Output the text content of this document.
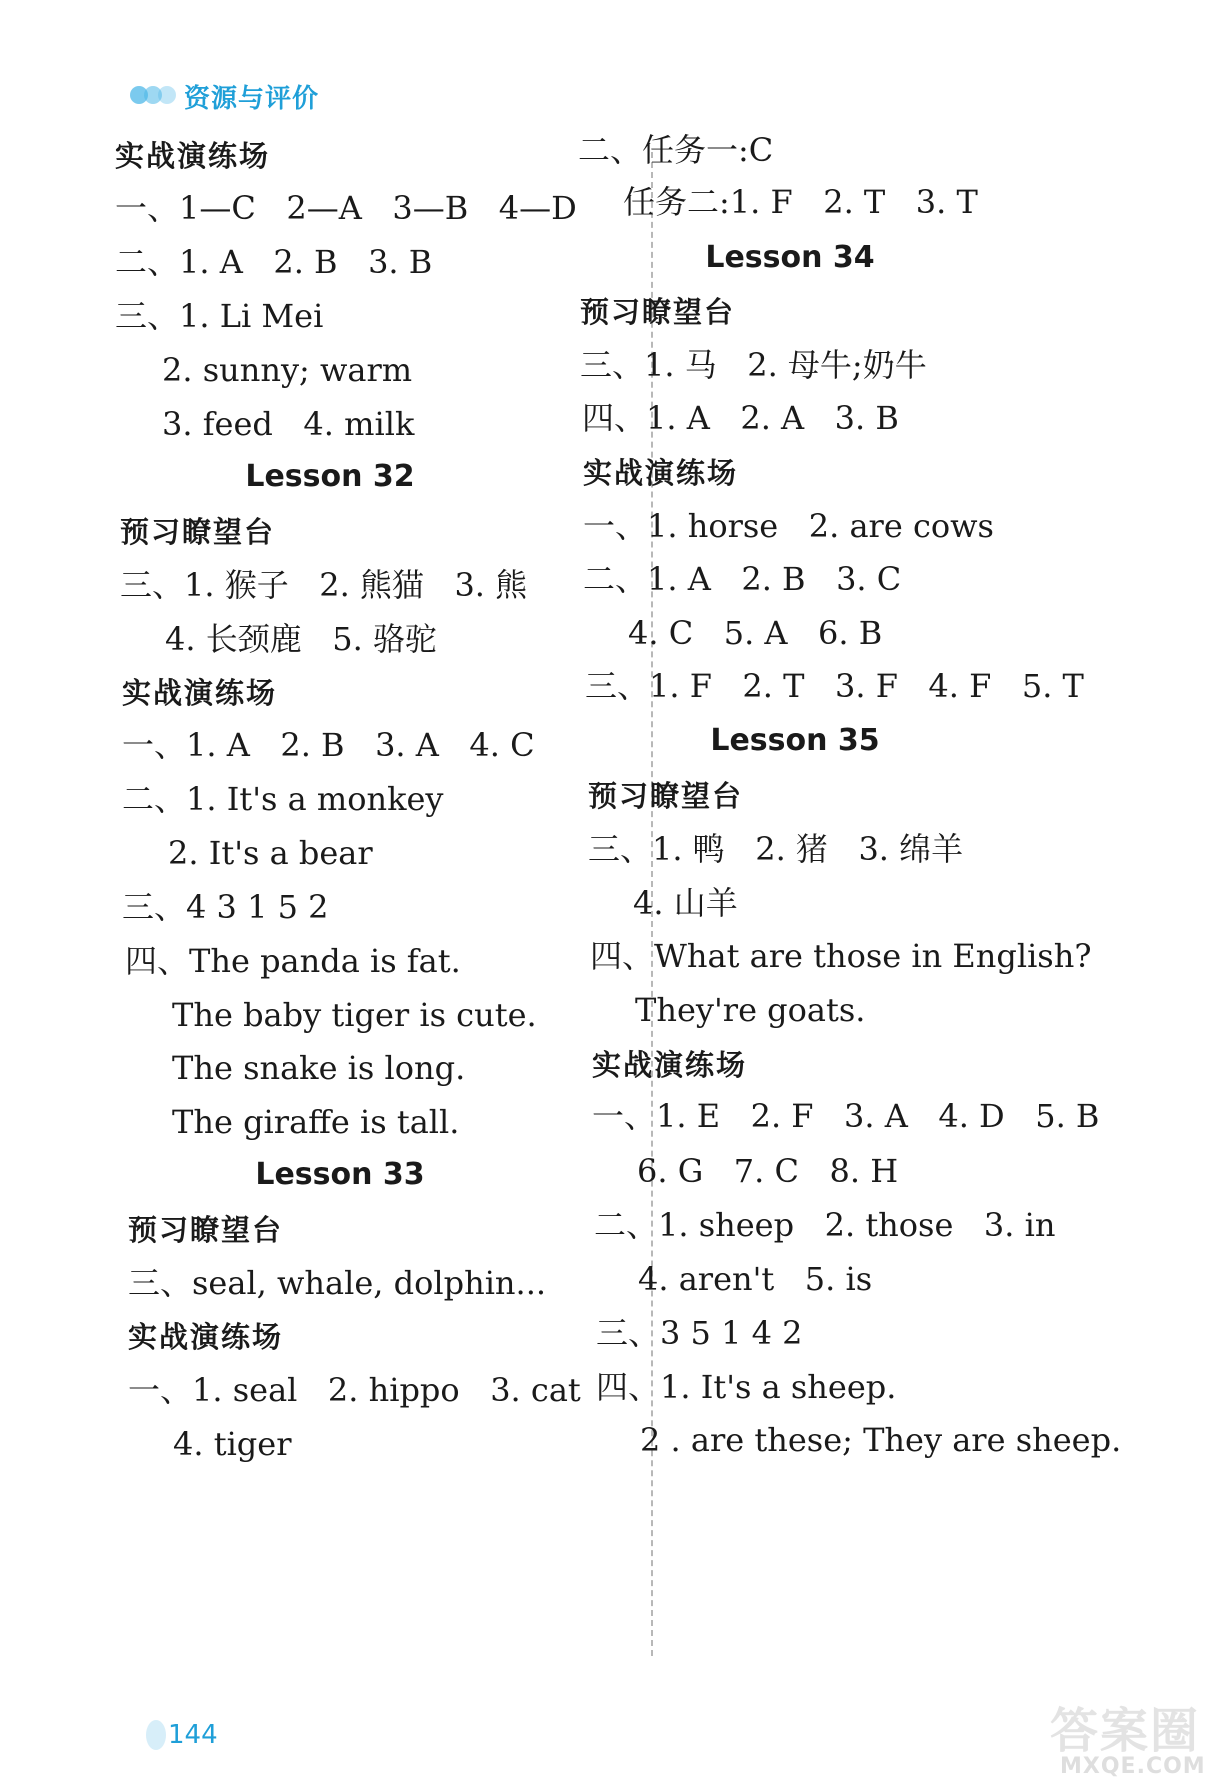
资源与评价
实战演练场
一、1—C   2—A   3—B   4—D
二、1. A   2. B   3. B
三、1. Li Mei
2. sunny; warm
3. feed   4. milk
Lesson 32
预习瞭望台
三、1. 猴子   2. 熊猫   3. 熊
4. 长颈鹿   5. 骆驼
实战演练场
一、1. A   2. B   3. A   4. C
二、1. It's a monkey
2. It's a bear
三、4 3 1 5 2
四、The panda is fat.
The baby tiger is cute.
The snake is long.
The giraffe is tall.
Lesson 33
预习瞭望台
三、seal, whale, dolphin...
实战演练场
一、1. seal   2. hippo   3. cat
4. tiger
二、任务一:C
任务二:1. F   2. T   3. T
Lesson 34
预习瞭望台
三、1. 马   2. 母牛;奶牛
四、1. A   2. A   3. B
实战演练场
一、1. horse   2. are cows
二、1. A   2. B   3. C
4. C   5. A   6. B
三、1. F   2. T   3. F   4. F   5. T
Lesson 35
预习瞭望台
三、1. 鸭   2. 猪   3. 绵羊
4. 山羊
四、What are those in English?
They're goats.
实战演练场
一、1. E   2. F   3. A   4. D   5. B
6. G   7. C   8. H
二、1. sheep   2. those   3. in
4. aren't   5. is
三、3 5 1 4 2
四、1. It's a sheep.
2 . are these; They are sheep.
144	答案圈
MXQE.COM
